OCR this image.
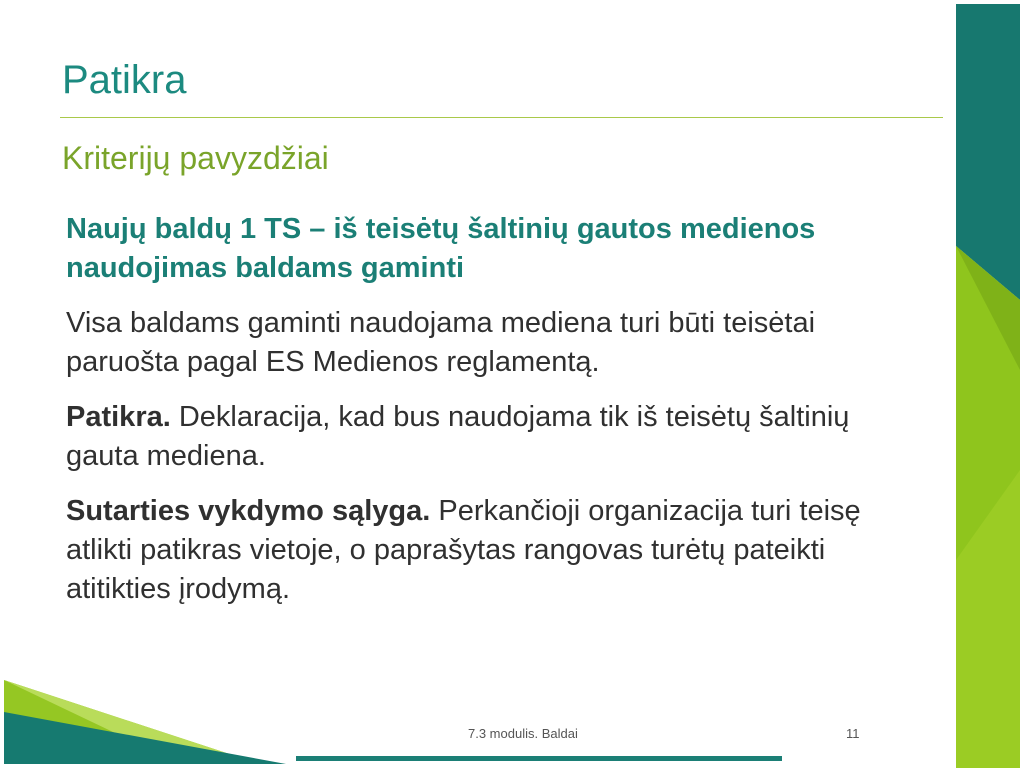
Patikra
Kriterijų pavyzdžiai

Naujų baldų 1 TS – iš teisėtų šaltinių gautos medienos naudojimas baldams gaminti

Visa baldams gaminti naudojama mediena turi būti teisėtai paruošta pagal ES Medienos reglamentą.

Patikra. Deklaracija, kad bus naudojama tik iš teisėtų šaltinių gauta mediena.

Sutarties vykdymo sąlyga. Perkančioji organizacija turi teisę atlikti patikras vietoje, o paprašytas rangovas turėtų pateikti atitikties įrodymą.

7.3 modulis. Baldai	11
